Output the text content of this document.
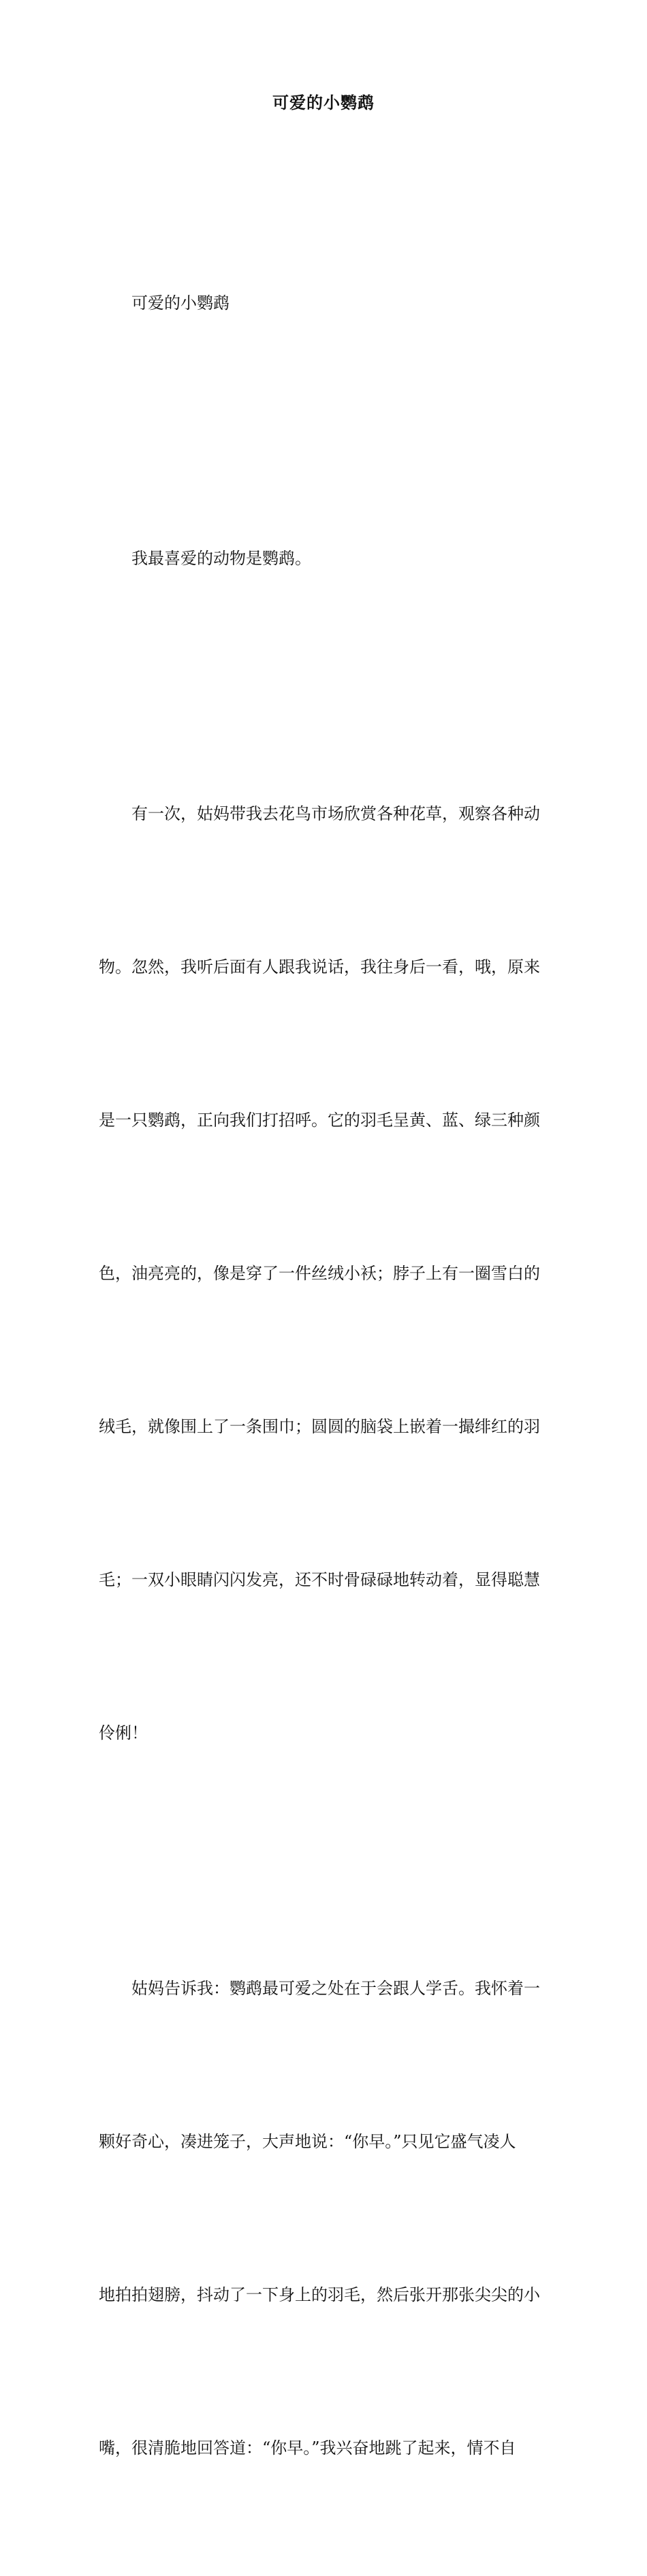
可爱的小鹦鹉

可爱的小鹦鹉

我最喜爱的动物是鹦鹉。

有一次，姑妈带我去花鸟市场欣赏各种花草，观察各种动

物。忽然，我听后面有人跟我说话，我往身后一看，哦，原来

是一只鹦鹉，正向我们打招呼。它的羽毛呈黄、蓝、绿三种颜

色，油亮亮的，像是穿了一件丝绒小袄；脖子上有一圈雪白的

绒毛，就像围上了一条围巾；圆圆的脑袋上嵌着一撮绯红的羽

毛；一双小眼睛闪闪发亮，还不时骨碌碌地转动着，显得聪慧

伶俐！

姑妈告诉我：鹦鹉最可爱之处在于会跟人学舌。我怀着一

颗好奇心，凑进笼子，大声地说：“你早。”只见它盛气凌人

地拍拍翅膀，抖动了一下身上的羽毛，然后张开那张尖尖的小

嘴，很清脆地回答道：“你早。”我兴奋地跳了起来，情不自
